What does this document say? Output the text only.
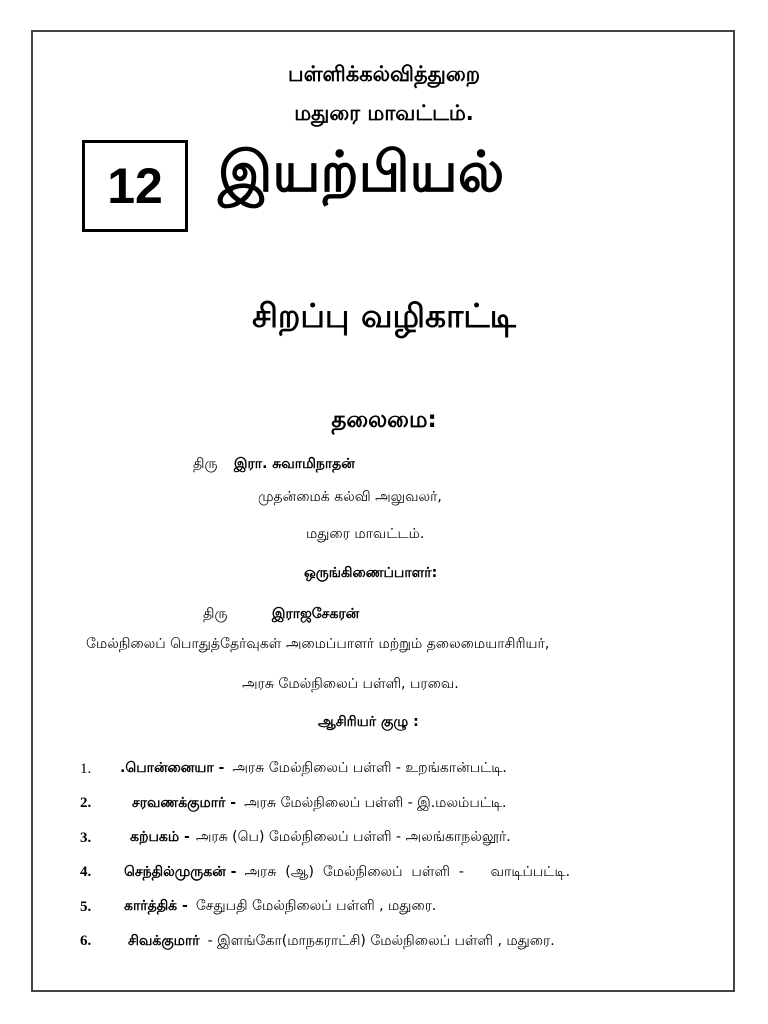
பள்ளிக்கல்வித்துறை
மதுரை மாவட்டம்.
12 இயற்பியல்
சிறப்பு வழிகாட்டி
தலைமை:
திரு இரா. சுவாமிநாதன்
முதன்மைக் கல்வி அலுவலர்,
மதுரை மாவட்டம்.
ஒருங்கிணைப்பாளர்:
திரு	இராஜசேகரன்
மேல்நிலைப் பொதுத்தேர்வுகள் அமைப்பாளர் மற்றும் தலைமையாசிரியர்,
அரசு மேல்நிலைப் பள்ளி, பரவை.
ஆசிரியர் குழு :
1.	.பொன்னையா - அரசு மேல்நிலைப் பள்ளி - உறங்கான்பட்டி.
2.	சரவணக்குமார் - அரசு மேல்நிலைப் பள்ளி - இ.மலம்பட்டி.
3.	கற்பகம் - அரசு (பெ) மேல்நிலைப் பள்ளி - அலங்காநல்லூர்.
4.	செந்தில்முருகன் - அரசு  (ஆ)  மேல்நிலைப்  பள்ளி  -      வாடிப்பட்டி.
5.	கார்த்திக் - சேதுபதி மேல்நிலைப் பள்ளி , மதுரை.
6.	சிவக்குமார் - இளங்கோ(மாநகராட்சி) மேல்நிலைப் பள்ளி , மதுரை.
